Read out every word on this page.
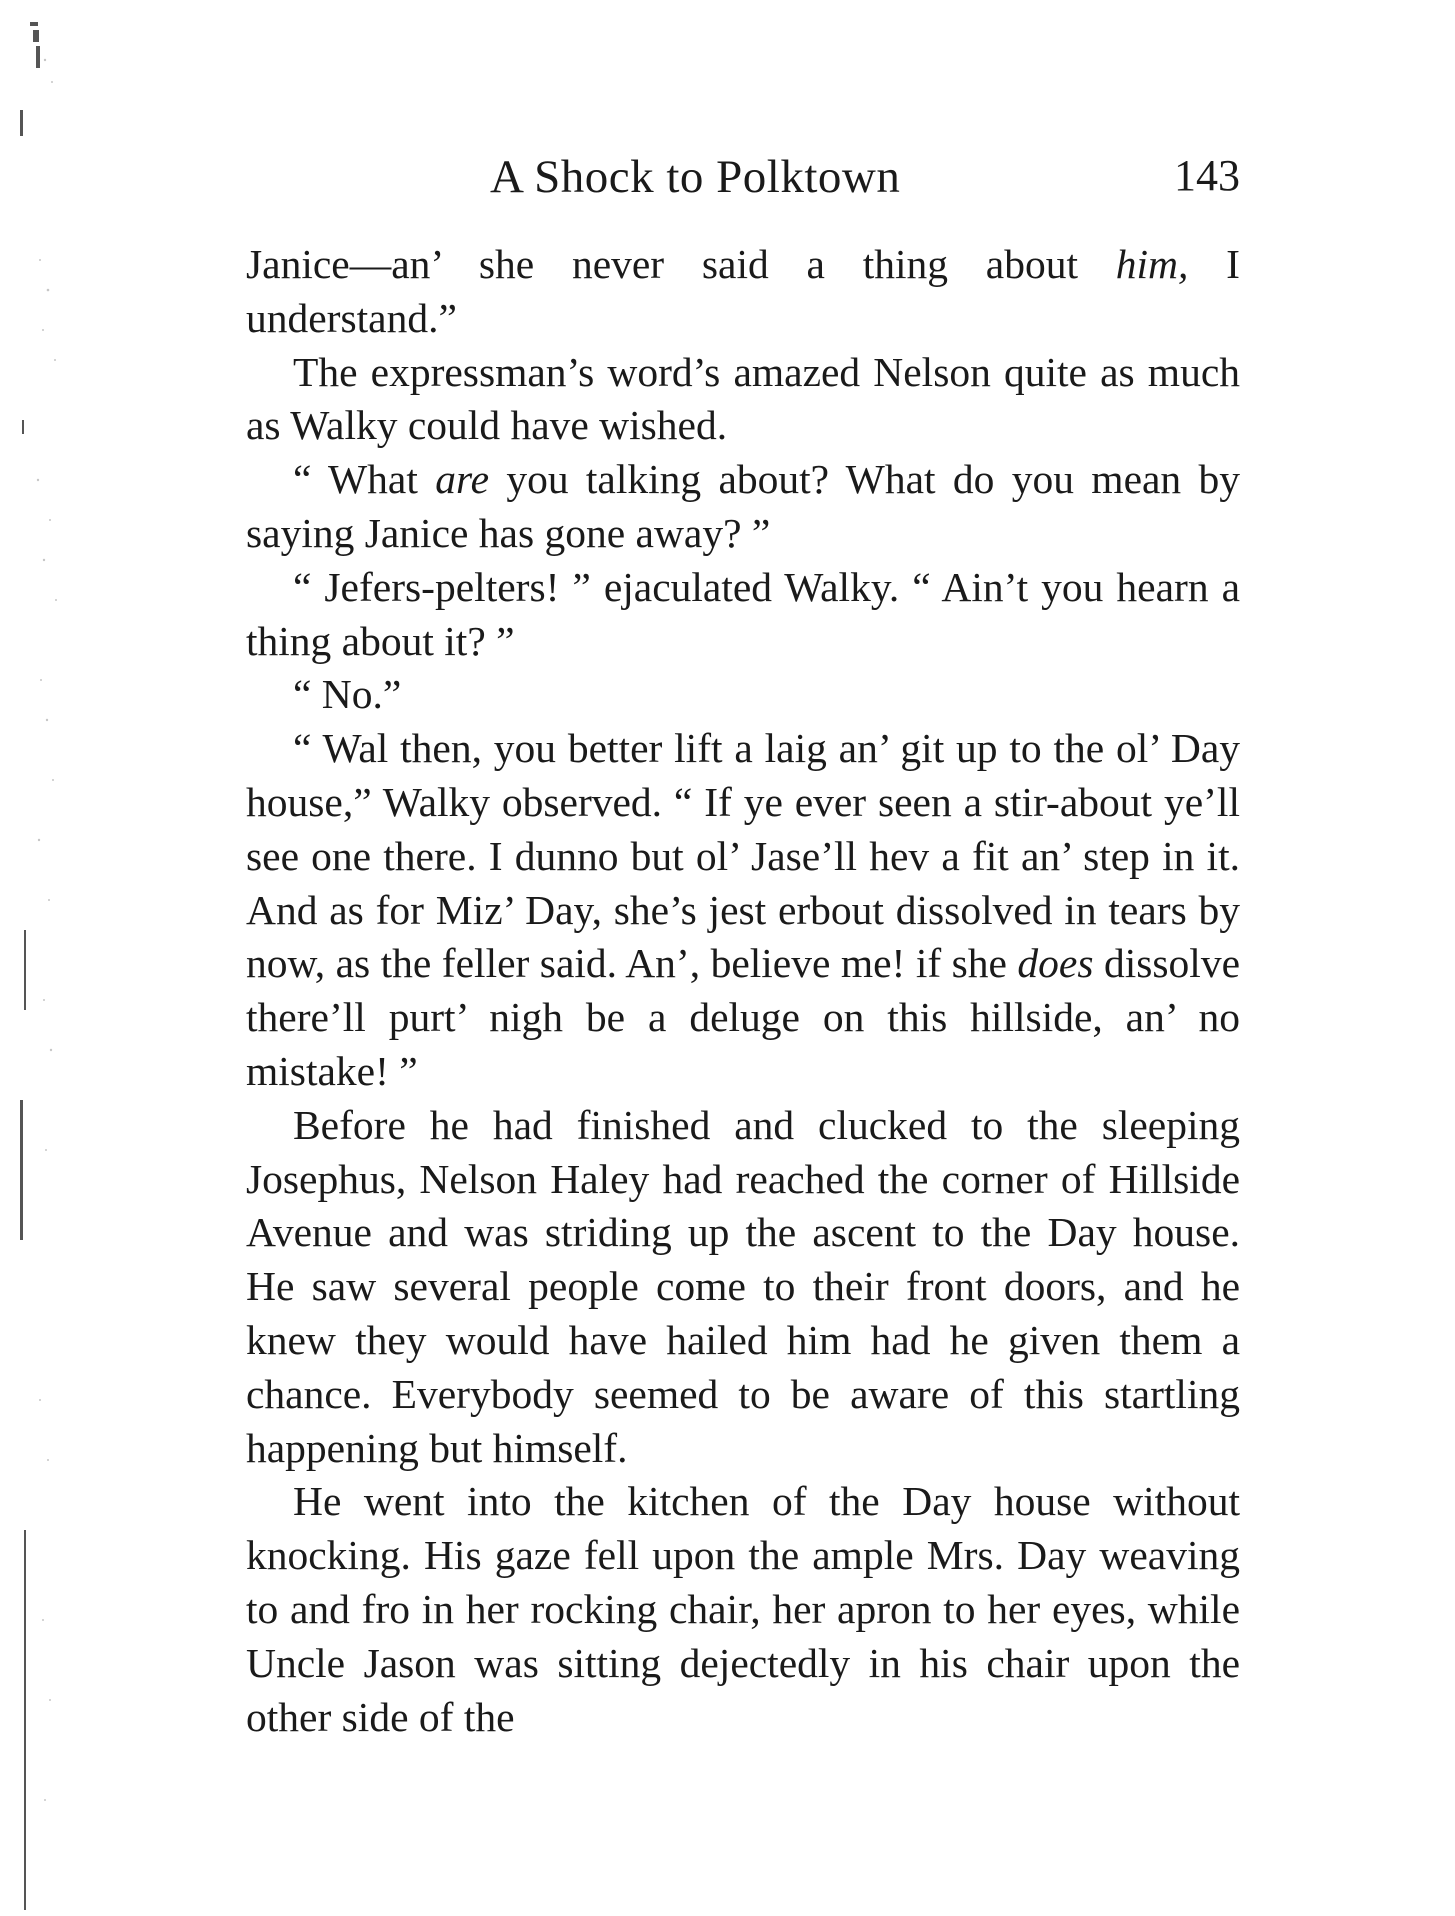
A Shock to Polktown	143

Janice—an’ she never said a thing about him, I understand.”

The expressman’s word’s amazed Nelson quite as much as Walky could have wished.

“ What are you talking about? What do you mean by saying Janice has gone away? ”

“ Jefers-pelters! ” ejaculated Walky. “ Ain’t you hearn a thing about it? ”

“ No.”

“ Wal then, you better lift a laig an’ git up to the ol’ Day house,” Walky observed. “ If ye ever seen a stir-about ye’ll see one there. I dunno but ol’ Jase’ll hev a fit an’ step in it. And as for Miz’ Day, she’s jest erbout dissolved in tears by now, as the feller said. An’, believe me! if she does dissolve there’ll purt’ nigh be a deluge on this hillside, an’ no mistake! ”

Before he had finished and clucked to the sleeping Josephus, Nelson Haley had reached the corner of Hillside Avenue and was striding up the ascent to the Day house. He saw several people come to their front doors, and he knew they would have hailed him had he given them a chance. Everybody seemed to be aware of this startling happening but himself.

He went into the kitchen of the Day house without knocking. His gaze fell upon the ample Mrs. Day weaving to and fro in her rocking chair, her apron to her eyes, while Uncle Jason was sitting dejectedly in his chair upon the other side of the
